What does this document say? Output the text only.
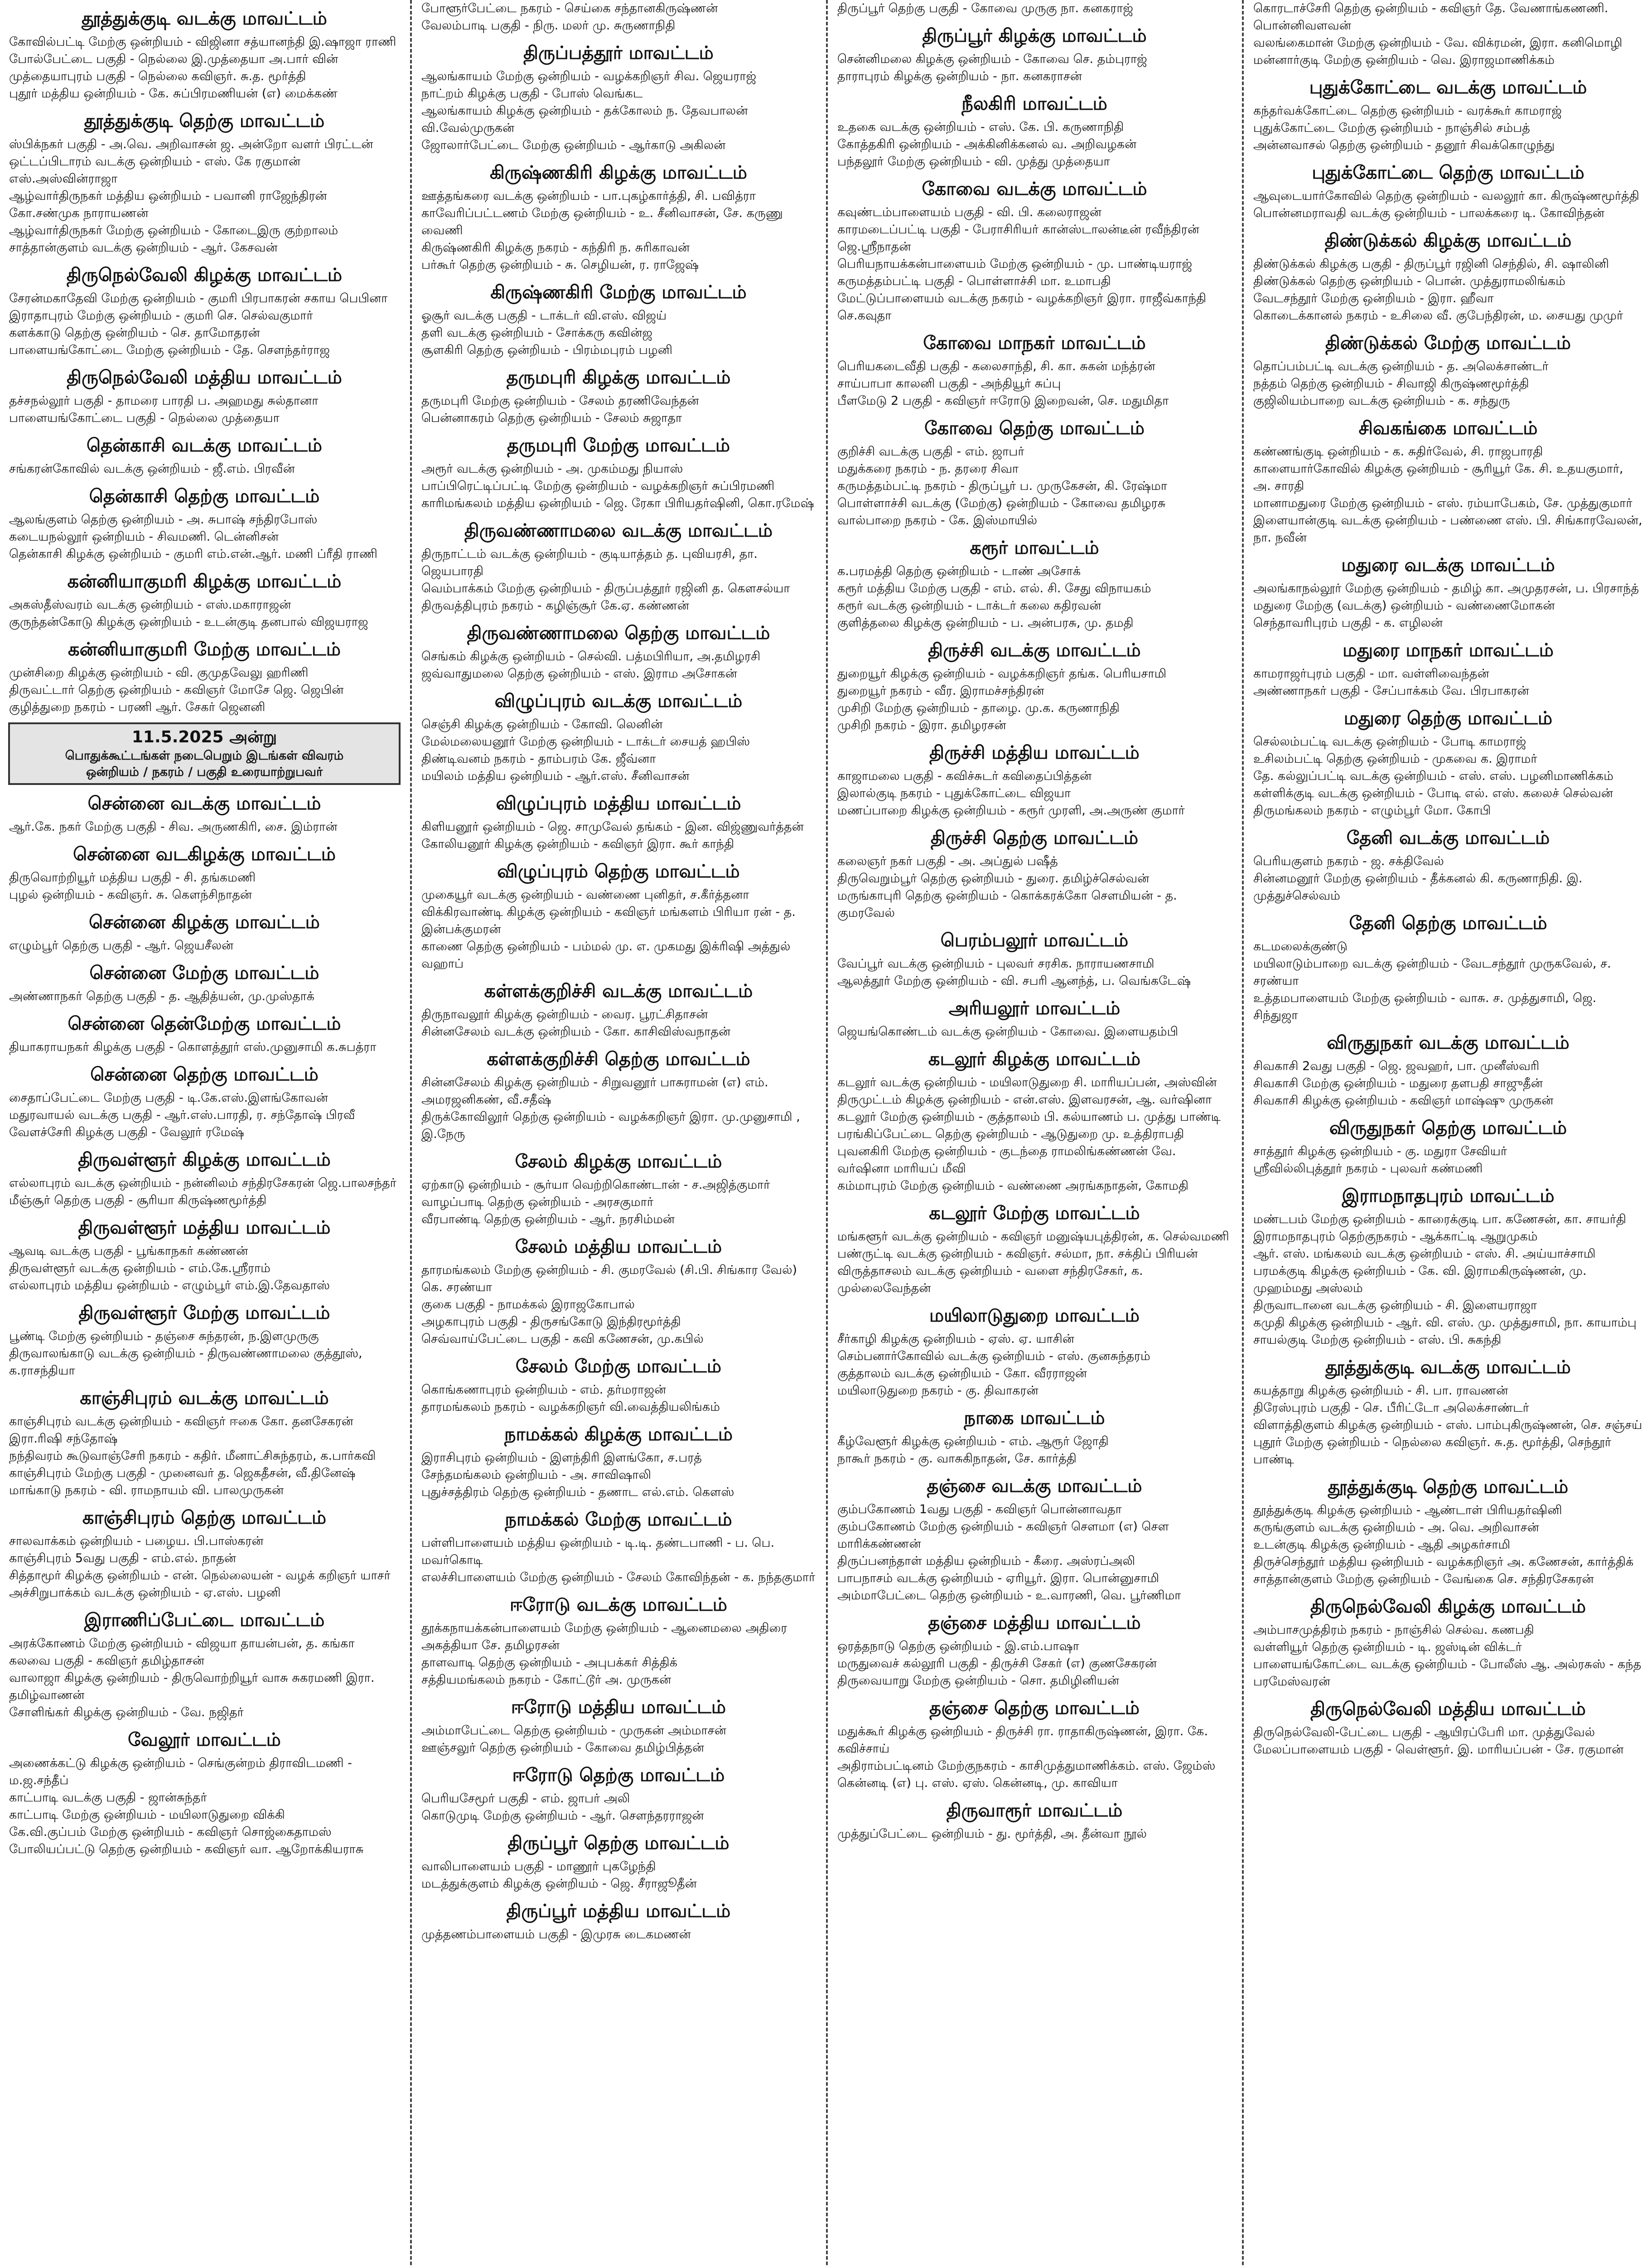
தூத்துக்குடி வடக்கு மாவட்டம்
கோவில்பட்டி மேற்கு ஒன்றியம் - விஜினா சத்யானந்தி இ.ஷாஜா ராணி
போல்பேட்டை பகுதி - நெல்லை இ.முத்தையா அ.பார் வின்
முத்தையாபுரம் பகுதி - நெல்லை கவிஞர். சு.த. மூர்த்தி
புதூர் மத்திய ஒன்றியம் - கே. சுப்பிரமணியன் (எ) மைக்கண்
தூத்துக்குடி தெற்கு மாவட்டம்
ஸ்பிக்நகர் பகுதி - அ.வெ. அறிவாசன் ஜ. அன்றோ வளர் பிரட்டன்
ஒட்டப்பிடாரம் வடக்கு ஒன்றியம் - எஸ். கே ரகுமான் எஸ்.அஸ்வின்ராஜா
ஆழ்வார்திருநகர் மத்திய ஒன்றியம் - பவானி ராஜேந்திரன் கோ.சண்முக நாராயணன்
ஆழ்வார்திருநகர் மேற்கு ஒன்றியம் - கோடைஇரு குற்றாலம்
சாத்தான்குளம் வடக்கு ஒன்றியம் - ஆர். கேசவன்
திருநெல்வேலி கிழக்கு மாவட்டம்
சேரன்மகாதேவி மேற்கு ஒன்றியம் - குமரி பிரபாகரன் சகாய பெபினா
இராதாபுரம் மேற்கு ஒன்றியம் - குமரி செ. செல்வகுமார்
களக்காடு தெற்கு ஒன்றியம் - செ. தாமோதரன்
பாளையங்கோட்டை மேற்கு ஒன்றியம் - தே. சௌந்தர்ராஜ
திருநெல்வேலி மத்திய மாவட்டம்
தச்சநல்லூர் பகுதி - தாமரை பாரதி ப. அஹமது சுல்தானா
பாளையங்கோட்டை பகுதி - நெல்லை முத்தையா
தென்காசி வடக்கு மாவட்டம்
சங்கரன்கோவில் வடக்கு ஒன்றியம் - ஜீ.எம். பிரவீன்
தென்காசி தெற்கு மாவட்டம்
ஆலங்குளம் தெற்கு ஒன்றியம் - அ. சுபாஷ் சந்திரபோஸ்
கடையநல்லூர் ஒன்றியம் - சிவமணி. டென்னிசன்
தென்காசி கிழக்கு ஒன்றியம் - குமரி எம்.என்.ஆர். மணி ப்ரீதி ராணி
கன்னியாகுமரி கிழக்கு மாவட்டம்
அகஸ்தீஸ்வரம் வடக்கு ஒன்றியம் - எஸ்.மகாராஜன்
குருந்தன்கோடு கிழக்கு ஒன்றியம் - உடன்குடி தனபால் விஜயராஜ
கன்னியாகுமரி மேற்கு மாவட்டம்
முன்சிறை கிழக்கு ஒன்றியம் - வி. குமுதவேலு ஹரிணி
திருவட்டார் தெற்கு ஒன்றியம் - கவிஞர் மோசே ஜெ. ஜெபின்
குழித்துறை நகரம் - பரணி ஆர். சேகர் ஜெனனி
11.5.2025 அன்று
பொதுக்கூட்டங்கள் நடைபெறும் இடங்கள் விவரம்
ஒன்றியம் / நகரம் / பகுதி உரையாற்றுபவர்
சென்னை வடக்கு மாவட்டம்
ஆர்.கே. நகர் மேற்கு பகுதி - சிவ. அருணகிரி, சை. இம்ரான்
சென்னை வடகிழக்கு மாவட்டம்
திருவொற்றியூர் மத்திய பகுதி - சி. தங்கமணி
புழல் ஒன்றியம் - கவிஞர். சு. கௌந்சிநாதன்
சென்னை கிழக்கு மாவட்டம்
எழும்பூர் தெற்கு பகுதி - ஆர். ஜெயசீலன்
சென்னை மேற்கு மாவட்டம்
அண்ணாநகர் தெற்கு பகுதி - த. ஆதித்யன், மு.முஸ்தாக்
சென்னை தென்மேற்கு மாவட்டம்
தியாகராயநகர் கிழக்கு பகுதி - கொளத்தூர் எஸ்.முனுசாமி க.சுபத்ரா
சென்னை தெற்கு மாவட்டம்
சைதாப்பேட்டை மேற்கு பகுதி - டி.கே.எஸ்.இளங்கோவன்
மதுரவாயல் வடக்கு பகுதி - ஆர்.எஸ்.பாரதி, ர. சந்தோஷ் பிரவீ
வேளச்சேரி கிழக்கு பகுதி - வேலூர் ரமேஷ்
திருவள்ளூர் கிழக்கு மாவட்டம்
எல்லாபுரம் வடக்கு ஒன்றியம் - நன்னிலம் சந்திரசேகரன் ஜெ.பாலசந்தர்
மீஞ்சூர் தெற்கு பகுதி - சூரியா கிருஷ்ணமூர்த்தி
திருவள்ளூர் மத்திய மாவட்டம்
ஆவடி வடக்கு பகுதி - பூங்காநகர் கண்ணன்
திருவள்ளூர் வடக்கு ஒன்றியம் - எம்.கே.ஸ்ரீராம்
எல்லாபுரம் மத்திய ஒன்றியம் - எழும்பூர் எம்.இ.தேவதாஸ்
திருவள்ளூர் மேற்கு மாவட்டம்
பூண்டி மேற்கு ஒன்றியம் - தஞ்சை சுந்தரன், ந.இளமுருகு
திருவாலங்காடு வடக்கு ஒன்றியம் - திருவண்ணாமலை குத்தூஸ், க.ராசந்தியா
காஞ்சிபுரம் வடக்கு மாவட்டம்
காஞ்சிபுரம் வடக்கு ஒன்றியம் - கவிஞர் ஈகை கோ. தனசேகரன் இரா.ரிஷி சந்தோஷ்
நந்திவரம் கூடுவாஞ்சேரி நகரம் - கதிர். மீனாட்சிசுந்தரம், க.பார்கவி
காஞ்சிபுரம் மேற்கு பகுதி - முனைவர் த. ஜெகதீசன், வீ.தினேஷ்
மாங்காடு நகரம் - வி. ராமநாயம் வி. பாலமுருகன்
காஞ்சிபுரம் தெற்கு மாவட்டம்
சாலவாக்கம் ஒன்றியம் - பழைய. பி.பாஸ்கரன்
காஞ்சிபுரம் 5வது பகுதி - எம்.எல். நாதன்
சித்தாமூர் கிழக்கு ஒன்றியம் - என். நெல்லையன் - வழக் கறிஞர் யாசர்
அச்சிறுபாக்கம் வடக்கு ஒன்றியம் - ஏ.எஸ். பழனி
இராணிப்பேட்டை மாவட்டம்
அரக்கோணம் மேற்கு ஒன்றியம் - விஜயா தாயன்பன், த. கங்கா
கலவை பகுதி - கவிஞர் தமிழ்தாசன்
வாலாஜா கிழக்கு ஒன்றியம் - திருவொற்றியூர் வாசு சுகரமணி இரா. தமிழ்வாணன்
சோளிங்கர் கிழக்கு ஒன்றியம் - வே. நஜிதர்
வேலூர் மாவட்டம்
அணைக்கட்டு கிழக்கு ஒன்றியம் - செங்குன்றம் திராவிடமணி - ம.ஜ.சந்தீப்
காட்பாடி வடக்கு பகுதி - ஜான்சுந்தர்
காட்பாடி மேற்கு ஒன்றியம் - மயிலாடுதுறை விக்கி
கே.வி.குப்பம் மேற்கு ஒன்றியம் - கவிஞர் சொஜ்கைதாமஸ்
போலியப்பட்டு தெற்கு ஒன்றியம் - கவிஞர் வா. ஆறோக்கியராசு
போளூர்பேட்டை நகரம் - செய்கை சந்தானகிருஷ்ணன்
வேலம்பாடி பகுதி - நிரு. மலர் மு. சுருணாநிதி
திருப்பத்தூர் மாவட்டம்
ஆலங்காயம் மேற்கு ஒன்றியம் - வழக்கறிஞர் சிவ. ஜெயராஜ்
நாட்றம் கிழக்கு பகுதி - போஸ் வெங்கட
ஆலங்காயம் கிழக்கு ஒன்றியம் - தக்கோலம் ந. தேவபாலன் வி.வேல்முருகன்
ஜோலார்பேட்டை மேற்கு ஒன்றியம் - ஆர்காடு அகிலன்
கிருஷ்ணகிரி கிழக்கு மாவட்டம்
ஊத்தங்கரை வடக்கு ஒன்றியம் - பா.புகழ்கார்த்தி, சி. பவித்ரா
காவேரிப்பட்டணம் மேற்கு ஒன்றியம் - உ. சீனிவாசன், சே. கருணு வைணி
கிருஷ்ணகிரி கிழக்கு நகரம் - கந்திரி ந. சுரிகாவன்
பர்கூர் தெற்கு ஒன்றியம் - சு. செழியன், ர. ராஜேஷ்
கிருஷ்ணகிரி மேற்கு மாவட்டம்
ஓசூர் வடக்கு பகுதி - டாக்டர் வி.எஸ். விஜய்
தளி வடக்கு ஒன்றியம் - சோக்கரு கவின்ஜ
சூளகிரி தெற்கு ஒன்றியம் - பிரம்மபுரம் பழனி
தருமபுரி கிழக்கு மாவட்டம்
தருமபுரி மேற்கு ஒன்றியம் - சேலம் தரணிவேந்தன்
பென்னாகரம் தெற்கு ஒன்றியம் - சேலம் சுஜாதா
தருமபுரி மேற்கு மாவட்டம்
அரூர் வடக்கு ஒன்றியம் - அ. முகம்மது நியாஸ்
பாப்பிரெட்டிப்பட்டி மேற்கு ஒன்றியம் - வழக்கறிஞர் சுப்பிரமணி
காரிமங்கலம் மத்திய ஒன்றியம் - ஜெ. ரேகா பிரியதர்ஷினி, கொ.ரமேஷ்
திருவண்ணாமலை வடக்கு மாவட்டம்
திருநாட்டம் வடக்கு ஒன்றியம் - குடியாத்தம் த. புவியரசி, தா. ஜெயபாரதி
வெம்பாக்கம் மேற்கு ஒன்றியம் - திருப்பத்தூர் ரஜினி த. கெளசல்யா
திருவத்திபுரம் நகரம் - கழிஞ்சூர் கே.ஏ. கண்ணன்
திருவண்ணாமலை தெற்கு மாவட்டம்
செங்கம் கிழக்கு ஒன்றியம் - செல்வி. பத்மபிரியா, அ.தமிழரசி
ஜவ்வாதுமலை தெற்கு ஒன்றியம் - எஸ். இராம அசோகன்
விழுப்புரம் வடக்கு மாவட்டம்
செஞ்சி கிழக்கு ஒன்றியம் - கோவி. லெனின்
மேல்மலையனூர் மேற்கு ஒன்றியம் - டாக்டர் சையத் ஹபிஸ்
திண்டிவனம் நகரம் - தாம்பரம் கே. ஜீவ்னா
மயிலம் மத்திய ஒன்றியம் - ஆர்.எஸ். சீனிவாசன்
விழுப்புரம் மத்திய மாவட்டம்
கிளியனூர் ஒன்றியம் - ஜெ. சாமுவேல் தங்கம் - இன. விஜ்ணுவர்த்தன்
கோலியனூர் கிழக்கு ஒன்றியம் - கவிஞர் இரா. கூர் காந்தி
விழுப்புரம் தெற்கு மாவட்டம்
முகையூர் வடக்கு ஒன்றியம் - வண்ணை புனிதர், ச.கீர்த்தனா
விக்கிரவாண்டி கிழக்கு ஒன்றியம் - கவிஞர் மங்களம் பிரியா ரன் - த. இன்பக்குமரன்
காணை தெற்கு ஒன்றியம் - பம்மல் மு. எ. முகமது இக்ரிஷி அத்துல் வஹாப்
கள்ளக்குறிச்சி வடக்கு மாவட்டம்
திருநாவலூர் கிழக்கு ஒன்றியம் - வைர. பூரட்சிதாசன்
சின்னசேலம் வடக்கு ஒன்றியம் - கோ. காசிவிஸ்வநாதன்
கள்ளக்குறிச்சி தெற்கு மாவட்டம்
சின்னசேலம் கிழக்கு ஒன்றியம் - சிறுவனூர் பாசுராமன் (எ) எம். அமரஜனிகண், வீ.சதீஷ்
திருக்கோவிலூர் தெற்கு ஒன்றியம் - வழக்கறிஞர் இரா. மு.முனுசாமி , இ.நேரு
சேலம் கிழக்கு மாவட்டம்
ஏற்காடு ஒன்றியம் - சூர்யா வெற்றிகொண்டான் - ச.அஜித்குமார்
வாழப்பாடி தெற்கு ஒன்றியம் - அரசகுமார்
வீரபாண்டி தெற்கு ஒன்றியம் - ஆர். நரசிம்மன்
சேலம் மத்திய மாவட்டம்
தாரமங்கலம் மேற்கு ஒன்றியம் - சி. குமரவேல் (சி.பி. சிங்கார வேல்) கெ. சரண்யா
குகை பகுதி - நாமக்கல் இராஜகோபால்
அழகாபுரம் பகுதி - திருசங்கோடு இந்திரமூர்த்தி
செவ்வாய்பேட்டை பகுதி - கவி கணேசன், மு.கபில்
சேலம் மேற்கு மாவட்டம்
கொங்கணாபுரம் ஒன்றியம் - எம். தர்மராஜன்
தாரமங்கலம் நகரம் - வழக்கறிஞர் வி.வைத்தியலிங்கம்
நாமக்கல் கிழக்கு மாவட்டம்
இராசிபுரம் ஒன்றியம் - இளந்திரி இளங்கோ, ச.பரத்
சேந்தமங்கலம் ஒன்றியம் - அ. சாவிஷாலி
புதுச்சத்திரம் தெற்கு ஒன்றியம் - தணாட எல்.எம். கெளஸ்
நாமக்கல் மேற்கு மாவட்டம்
பள்ளிபாளையம் மத்திய ஒன்றியம் - டி.டி. தண்டபாணி - ப. பெ. மவர்கொடி
எலச்சிபாளையம் மேற்கு ஒன்றியம் - சேலம் கோவிந்தன் - க. நந்தகுமார்
ஈரோடு வடக்கு மாவட்டம்
தூக்கநாயக்கன்பாளையம் மேற்கு ஒன்றியம் - ஆனைமலை அதிரை அகத்தியா சே. தமிழரசன்
தாளவாடி தெற்கு ஒன்றியம் - அபுபக்கர் சித்திக்
சத்தியமங்கலம் நகரம் - கோட்டூர் அ. முருகன்
ஈரோடு மத்திய மாவட்டம்
அம்மாபேட்டை தெற்கு ஒன்றியம் - முருகன் அம்மாசன்
ஊஞ்சலுர் தெற்கு ஒன்றியம் - கோவை தமிழ்பித்தன்
ஈரோடு தெற்கு மாவட்டம்
பெரியசேமூர் பகுதி - எம். ஜாபர் அலி
கொடுமுடி மேற்கு ஒன்றியம் - ஆர். சௌந்தரராஜன்
திருப்பூர் தெற்கு மாவட்டம்
வாலிபாளையம் பகுதி - மாணூர் புகழேந்தி
மடத்துக்குளம் கிழக்கு ஒன்றியம் - ஜெ. சீராஜூதீன்
திருப்பூர் மத்திய மாவட்டம்
முத்தணம்பாளையம் பகுதி - இமுரசு டைகமணன்
திருப்பூர் தெற்கு பகுதி - கோவை முருகு நா. கனகராஜ்
திருப்பூர் கிழக்கு மாவட்டம்
சென்னிமலை கிழக்கு ஒன்றியம் - கோவை செ. தம்புராஜ்
தாராபுரம் கிழக்கு ஒன்றியம் - நா. கனகராசன்
நீலகிரி மாவட்டம்
உதகை வடக்கு ஒன்றியம் - எஸ். கே. பி. கருணாநிதி
கோத்தகிரி ஒன்றியம் - அக்கினிக்கனல் வ. அறிவழகன்
பந்தலூர் மேற்கு ஒன்றியம் - வி. முத்து முத்தையா
கோவை வடக்கு மாவட்டம்
கவுண்டம்பாளையம் பகுதி - வி. பி. கலைராஜன்
காரமடைப்பட்டி பகுதி - பேராசிரியர் கான்ஸ்டாலன்டீன் ரவீந்திரன் ஜெ.ஸ்ரீநாதன்
பெரியநாயக்கன்பாளையம் மேற்கு ஒன்றியம் - மு. பாண்டியராஜ்
கருமத்தம்பட்டி பகுதி - பொள்ளாச்சி மா. உமாபதி
மேட்டுப்பாளையம் வடக்கு நகரம் - வழக்கறிஞர் இரா. ராஜீவ்காந்தி
செ.கவுதா
கோவை மாநகர் மாவட்டம்
பெரியகடைவீதி பகுதி - கலைசாந்தி, சி. கா. சுகன் மந்த்ரன்
சாய்பாபா காலனி பகுதி - அந்தியூர் சுப்பு
பீளமேடு 2 பகுதி - கவிஞர் ஈரோடு இறைவன், செ. மதுமிதா
கோவை தெற்கு மாவட்டம்
குறிச்சி வடக்கு பகுதி - எம். ஜாபர்
மதுக்கரை நகரம் - ந. தரரை சிவா
கருமத்தம்பட்டி நகரம் - திருப்பூர் ப. முருகேசன், கி. ரேஷ்மா
பொள்ளாச்சி வடக்கு (மேற்கு) ஒன்றியம் - கோவை தமிழரசு
வால்பாறை நகரம் - கே. இஸ்மாயில்
கரூர் மாவட்டம்
க.பரமத்தி தெற்கு ஒன்றியம் - டாண் அசோக்
கரூர் மத்திய மேற்கு பகுதி - எம். எல். சி. சேது விநாயகம்
கரூர் வடக்கு ஒன்றியம் - டாக்டர் கலை கதிரவன்
குளித்தலை கிழக்கு ஒன்றியம் - ப. அன்பரசு, மு. தமதி
திருச்சி வடக்கு மாவட்டம்
துறையூர் கிழக்கு ஒன்றியம் - வழக்கறிஞர் தங்க. பெரியசாமி
துறையூர் நகரம் - வீர. இராமச்சந்திரன்
முசிறி மேற்கு ஒன்றியம் - தாழை. மு.க. கருணாநிதி
முசிறி நகரம் - இரா. தமிழரசன்
திருச்சி மத்திய மாவட்டம்
காஜாமலை பகுதி - கவிச்சுடர் கவிதைப்பித்தன்
இலால்குடி நகரம் - புதுக்கோட்டை விஜயா
மணப்பாறை கிழக்கு ஒன்றியம் - கரூர் முரளி, அ.அருண் குமார்
திருச்சி தெற்கு மாவட்டம்
கலைஞர் நகர் பகுதி - அ. அப்துல் பஷீத்
திருவெறும்பூர் தெற்கு ஒன்றியம் - துரை. தமிழ்ச்செல்வன்
மருங்காபுரி தெற்கு ஒன்றியம் - கொக்கரக்கோ சௌமியன் - த. குமரவேல்
பெரம்பலூர் மாவட்டம்
வேப்பூர் வடக்கு ஒன்றியம் - புலவர் சரசிக. நாராயணசாமி
ஆலத்தூர் மேற்கு ஒன்றியம் - வி. சபரி ஆனந்த், ப. வெங்கடேஷ்
அரியலூர் மாவட்டம்
ஜெயங்கொண்டம் வடக்கு ஒன்றியம் - கோவை. இளையதம்பி
கடலூர் கிழக்கு மாவட்டம்
கடலூர் வடக்கு ஒன்றியம் - மயிலாடுதுறை சி. மாரியப்பன், அஸ்வின்
திருமுட்டம் கிழக்கு ஒன்றியம் - என்.எஸ். இளவரசன், ஆ. வர்ஷினா
கடலூர் மேற்கு ஒன்றியம் - குத்தாலம் பி. கல்யாணம் ப. முத்து பாண்டி
பரங்கிப்பேட்டை தெற்கு ஒன்றியம் - ஆடுதுறை மு. உத்திராபதி
புவனகிரி மேற்கு ஒன்றியம் - குடந்தை ராமலிங்கண்ணன் வே. வர்ஷினா மாரியப் மீவி
கம்மாபுரம் மேற்கு ஒன்றியம் - வண்ணை அரங்கநாதன், கோமதி
கடலூர் மேற்கு மாவட்டம்
மங்களூர் வடக்கு ஒன்றியம் - கவிஞர் மனுஷ்யபுத்திரன், க. செல்வமணி
பண்ருட்டி வடக்கு ஒன்றியம் - கவிஞர். சல்மா, நா. சக்திப் பிரியன்
விருத்தாசலம் வடக்கு ஒன்றியம் - வளை சந்திரசேகர், க. முல்லைவேந்தன்
மயிலாடுதுறை மாவட்டம்
சீர்காழி கிழக்கு ஒன்றியம் - ஏஸ். ஏ. யாசின்
செம்பனார்கோவில் வடக்கு ஒன்றியம் - எஸ். குனசுந்தரம்
குத்தாலம் வடக்கு ஒன்றியம் - கோ. வீரராஜன்
மயிலாடுதுறை நகரம் - கு. திவாகரன்
நாகை மாவட்டம்
கீழ்வேளூர் கிழக்கு ஒன்றியம் - எம். ஆரூர் ஜோதி
நாகூர் நகரம் - கு. வாசுகிநாதன், சே. கார்த்தி
தஞ்சை வடக்கு மாவட்டம்
கும்பகோணம் 1வது பகுதி - கவிஞர் பொன்னாவதா
கும்பகோணம் மேற்கு ஒன்றியம் - கவிஞர் சௌமா (எ) சௌ மாரிக்கண்ணன்
திருப்பனந்தாள் மத்திய ஒன்றியம் - கீரை. அஸ்ரப்அலி
பாபநாசம் வடக்கு ஒன்றியம் - ஏரியூர். இரா. பொன்னுசாமி
அம்மாபேட்டை தெற்கு ஒன்றியம் - உ.வாரணி, வெ. பூர்ணிமா
தஞ்சை மத்திய மாவட்டம்
ஒரத்தநாடு தெற்கு ஒன்றியம் - இ.எம்.பாஷா
மருதுவைச் கல்லூரி பகுதி - திருச்சி சேகர் (எ) குணசேகரன்
திருவையாறு மேற்கு ஒன்றியம் - சொ. தமிழினியன்
தஞ்சை தெற்கு மாவட்டம்
மதுக்கூர் கிழக்கு ஒன்றியம் - திருச்சி ரா. ராதாகிருஷ்ணன், இரா. கே. கவிச்சாய்
அதிராம்பட்டினம் மேற்குநகரம் - காசிமுத்துமாணிக்கம். எஸ். ஜேம்ஸ் கென்னடி (எ) பு. எஸ். ஏஸ். கென்னடி, மு. காவியா
திருவாரூர் மாவட்டம்
முத்துப்பேட்டை ஒன்றியம் - து. மூர்த்தி, அ. தீன்வா நூல்
கொரடாச்சேரி தெற்கு ஒன்றியம் - கவிஞர் தே. வேணாங்கணணி.
பொன்னிவளவன்
வலங்கைமான் மேற்கு ஒன்றியம் - வே. விக்ரமன், இரா. கனிமொழி
மன்னார்குடி மேற்கு ஒன்றியம் - வெ. இராஜமாணிக்கம்
புதுக்கோட்டை வடக்கு மாவட்டம்
கந்தர்வக்கோட்டை தெற்கு ஒன்றியம் - வரக்கூர் காமராஜ்
புதுக்கோட்டை மேற்கு ஒன்றியம் - நாஞ்சில் சம்பத்
அன்னவாசல் தெற்கு ஒன்றியம் - தனூர் சிவக்கொழுந்து
புதுக்கோட்டை தெற்கு மாவட்டம்
ஆவுடையார்கோவில் தெற்கு ஒன்றியம் - வலலூர் கா. கிருஷ்ணமூர்த்தி
பொன்னமராவதி வடக்கு ஒன்றியம் - பாலக்கரை டி. கோவிந்தன்
திண்டுக்கல் கிழக்கு மாவட்டம்
திண்டுக்கல் கிழக்கு பகுதி - திருப்பூர் ரஜினி செந்தில், சி. ஷாலினி
திண்டுக்கல் தெற்கு ஒன்றியம் - பொன். முத்துராமலிங்கம்
வேடசந்தூர் மேற்கு ஒன்றியம் - இரா. ஹீவா
கொடைக்கானல் நகரம் - உசிலை வீ. குபேந்திரன், ம. சையது முமுர்
திண்டுக்கல் மேற்கு மாவட்டம்
தொப்பம்பட்டி வடக்கு ஒன்றியம் - த. அலெக்சாண்டர்
நத்தம் தெற்கு ஒன்றியம் - சிவாஜி கிருஷ்ணமூர்த்தி
குஜிலியம்பாறை வடக்கு ஒன்றியம் - க. சந்துரு
சிவகங்கை மாவட்டம்
கண்ணங்குடி ஒன்றியம் - க. சுதிர்வேல், சி. ராஜபாரதி
காளையார்கோவில் கிழக்கு ஒன்றியம் - சூரியூர் கே. சி. உதயகுமார், அ. சாரதி
மானாமதுரை மேற்கு ஒன்றியம் - எஸ். ரம்யாபேகம், சே. முத்துகுமார்
இளையான்குடி வடக்கு ஒன்றியம் - பண்ணை எஸ். பி. சிங்காரவேலன், நா. நவீன்
மதுரை வடக்கு மாவட்டம்
அலங்காநல்லூர் மேற்கு ஒன்றியம் - தமிழ் கா. அமுதரசன், ப. பிரசாந்த்
மதுரை மேற்கு (வடக்கு) ஒன்றியம் - வண்ணைமோகன்
செந்தாவரிபுரம் பகுதி - க. எழிலன்
மதுரை மாநகர் மாவட்டம்
காமராஜர்புரம் பகுதி - மா. வள்ளிவைந்தன்
அண்ணாநகர் பகுதி - சேப்பாக்கம் வே. பிரபாகரன்
மதுரை தெற்கு மாவட்டம்
செல்லம்பட்டி வடக்கு ஒன்றியம் - போடி காமராஜ்
உசிலம்பட்டி தெற்கு ஒன்றியம் - முகவை க. இராமர்
தே. கல்லுப்பட்டி வடக்கு ஒன்றியம் - எஸ். எஸ். பழனிமாணிக்கம்
கள்ளிக்குடி வடக்கு ஒன்றியம் - போடி எல். எஸ். கலைச் செல்வன்
திருமங்கலம் நகரம் - எழும்பூர் மோ. கோபி
தேனி வடக்கு மாவட்டம்
பெரியகுளம் நகரம் - ஜ. சக்திவேல்
சின்னமனூர் மேற்கு ஒன்றியம் - தீக்கனல் கி. கருணாநிதி. இ. முத்துச்செல்வம்
தேனி தெற்கு மாவட்டம்
கடமலைக்குண்டு
மயிலாடும்பாறை வடக்கு ஒன்றியம் - வேடசந்தூர் முருகவேல், ச. சரண்யா
உத்தமபாளையம் மேற்கு ஒன்றியம் - வாசு. ச. முத்துசாமி, ஜெ. சிந்துஜா
விருதுநகர் வடக்கு மாவட்டம்
சிவகாசி 2வது பகுதி - ஜெ. ஜவஹர், பா. முனீஸ்வரி
சிவகாசி மேற்கு ஒன்றியம் - மதுரை தளபதி சாஜுதீன்
சிவகாசி கிழக்கு ஒன்றியம் - கவிஞர் மாஷ்ஷு முருகன்
விருதுநகர் தெற்கு மாவட்டம்
சாத்தூர் கிழக்கு ஒன்றியம் - கு. மதுரா சேவியர்
ஸ்ரீவில்லிபுத்தூர் நகரம் - புலவர் கண்மணி
இராமநாதபுரம் மாவட்டம்
மண்டபம் மேற்கு ஒன்றியம் - காரைக்குடி பா. கணேசன், கா. சாயர்தி
இராமநாதபுரம் தெற்குநகரம் - ஆக்காட்டி ஆறுமுகம்
ஆர். எஸ். மங்கலம் வடக்கு ஒன்றியம் - எஸ். சி. அய்யாச்சாமி
பரமக்குடி கிழக்கு ஒன்றியம் - கே. வி. இராமகிருஷ்ணன், மு. முஹம்மது அஸ்லம்
திருவாடானை வடக்கு ஒன்றியம் - சி. இளையராஜா
கமுதி கிழக்கு ஒன்றியம் - ஆர். வி. எஸ். மு. முத்துசாமி, நா. காயாம்பு
சாயல்குடி மேற்கு ஒன்றியம் - எஸ். பி. சுகந்தி
தூத்துக்குடி வடக்கு மாவட்டம்
கயத்தாறு கிழக்கு ஒன்றியம் - சி. பா. ராவணன்
திரேஸ்புரம் பகுதி - செ. பீரிட்டோ அலெக்சாண்டர்
விளாத்திகுளம் கிழக்கு ஒன்றியம் - எஸ். பாம்புகிருஷ்ணன், செ. சஞ்சய்
புதூர் மேற்கு ஒன்றியம் - நெல்லை கவிஞர். சு.த. மூர்த்தி, செந்தூர் பாண்டி
தூத்துக்குடி தெற்கு மாவட்டம்
தூத்துக்குடி கிழக்கு ஒன்றியம் - ஆண்டாள் பிரியதர்ஷினி
கருங்குளம் வடக்கு ஒன்றியம் - அ. வெ. அறிவாசன்
உடன்குடி கிழக்கு ஒன்றியம் - ஆதி அழகர்சாமி
திருச்செந்தூர் மத்திய ஒன்றியம் - வழக்கறிஞர் அ. கணேசன், கார்த்திக்
சாத்தான்குளம் மேற்கு ஒன்றியம் - வேங்கை செ. சந்திரசேகரன்
திருநெல்வேலி கிழக்கு மாவட்டம்
அம்பாசமுத்திரம் நகரம் - நாஞ்சில் செல்வ. கணபதி
வள்ளியூர் தெற்கு ஒன்றியம் - டி. ஜஸ்டின் விக்டர்
பாளையங்கோட்டை வடக்கு ஒன்றியம் - போலீஸ் ஆ. அல்ரசுஸ் - கந்த பரமேஸ்வரன்
திருநெல்வேலி மத்திய மாவட்டம்
திருநெல்வேலி-பேட்டை பகுதி - ஆயிரப்பேரி மா. முத்துவேல்
மேலப்பாளையம் பகுதி - வெள்ளூர். இ. மாரியப்பன் - சே. ரகுமான்
